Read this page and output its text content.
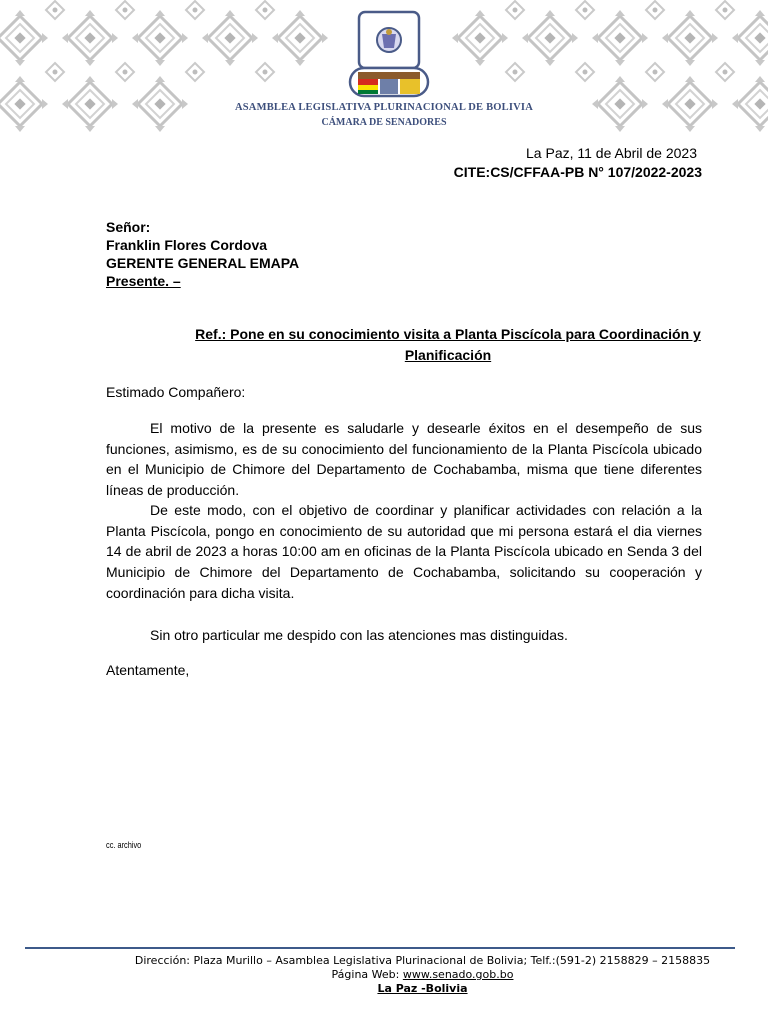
ASAMBLEA LEGISLATIVA PLURINACIONAL DE BOLIVIA
CÁMARA DE SENADORES
La Paz, 11 de Abril de 2023
CITE:CS/CFFAA-PB N° 107/2022-2023
Señor:
Franklin Flores Cordova
GERENTE GENERAL EMAPA
Presente. –
Ref.: Pone en su conocimiento visita a Planta Piscícola para Coordinación y Planificación
Estimado Compañero:
El motivo de la presente es saludarle y desearle éxitos en el desempeño de sus funciones, asimismo, es de su conocimiento del funcionamiento de la Planta Piscícola ubicado en el Municipio de Chimore del Departamento de Cochabamba, misma que tiene diferentes líneas de producción.
De este modo, con el objetivo de coordinar y planificar actividades con relación a la Planta Piscícola, pongo en conocimiento de su autoridad que mi persona estará el dia viernes 14 de abril de 2023 a horas 10:00 am en oficinas de la Planta Piscícola ubicado en Senda 3 del Municipio de Chimore del Departamento de Cochabamba, solicitando su cooperación y coordinación para dicha visita.
Sin otro particular me despido con las atenciones mas distinguidas.
Atentamente,
cc. archivo
Dirección: Plaza Murillo – Asamblea Legislativa Plurinacional de Bolivia; Telf.:(591-2) 2158829 – 2158835
Página Web: www.senado.gob.bo
La Paz -Bolivia
